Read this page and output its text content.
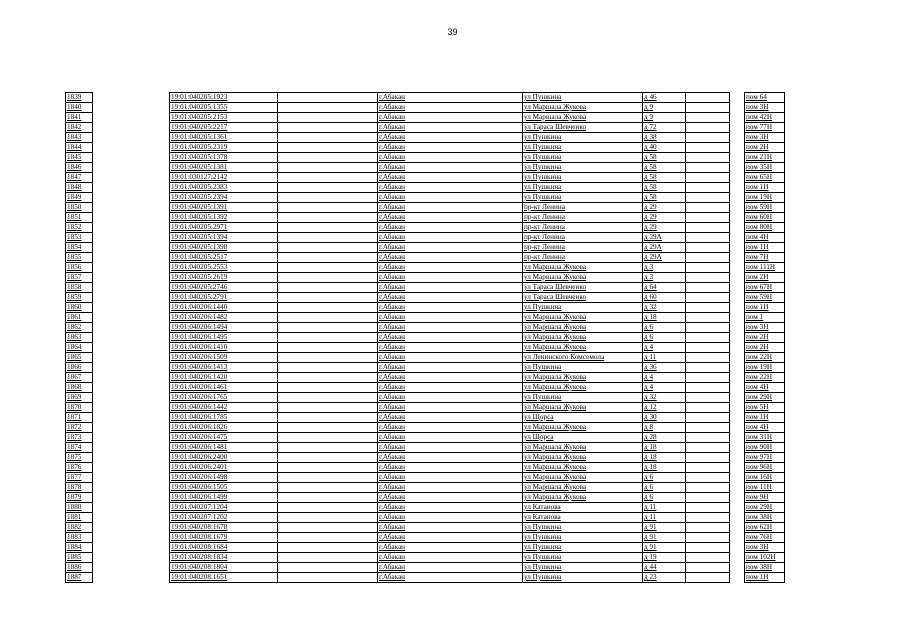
39
1839		19:01:040205:1923		г.Абакан	ул Пушкина	д 46			пом 64
1840		19:01:040205:1355		г.Абакан	ул Маршала Жукова	д 9			пом 3Н
1841		19:01:040205:2153		г.Абакан	ул Маршала Жукова	д 9			пом 42Н
1842		19:01:040205:2217		г.Абакан	ул Тараса Шевченко	д 72			пом 77Н
1843		19:01:040205:1361		г.Абакан	ул Пушкина	д 38			пом 3Н
1844		19:01:040205:2319		г.Абакан	ул Пушкина	д 40			пом 2Н
1845		19:01:040205:1378		г.Абакан	ул Пушкина	д 58			пом 21Н
1846		19:01:040205:1381		г.Абакан	ул Пушкина	д 58			пом 35Н
1847		19:01:030127:2142		г.Абакан	ул Пушкина	д 58			пом 65Н
1848		19:01:040205:2383		г.Абакан	ул Пушкина	д 58			пом 1Н
1849		19:01:040205:2394		г.Абакан	ул Пушкина	д 58			пом 19Н
1850		19:01:040205:1391		г.Абакан	пр-кт Ленина	д 29			пом 59Н
1851		19:01:040205:1392		г.Абакан	пр-кт Ленина	д 29			пом 60Н
1852		19:01:040205:2971		г.Абакан	пр-кт Ленина	д 29			пом 80Н
1853		19:01:040205:1394		г.Абакан	пр-кт Ленина	д 29А			пом 4Н
1854		19:01:040205:1398		г.Абакан	пр-кт Ленина	д 29А			пом 1Н
1855		19:01:040205:2517		г.Абакан	пр-кт Ленина	д 29А			пом 7Н
1856		19:01:040205:2553		г.Абакан	ул Маршала Жукова	д 3			пом 111Н
1857		19:01:040205:2619		г.Абакан	ул Маршала Жукова	д 3			пом 2Н
1858		19:01:040205:2746		г.Абакан	ул Тараса Шевченко	д 64			пом 67Н
1859		19:01:040205:2791		г.Абакан	ул Тараса Шевченко	д 60			пом 59Н
1860		19:01:040206:1440		г.Абакан	ул Пушкина	д 32			пом 1Н
1861		19:01:040206:1482		г.Абакан	ул Маршала Жукова	д 18			пом 1
1862		19:01:040206:1494		г.Абакан	ул Маршала Жукова	д 6			пом 3Н
1863		19:01:040206:1495		г.Абакан	ул Маршала Жукова	д 6			пом 2Н
1864		19:01:040206:1410		г.Абакан	ул Маршала Жукова	д 4			пом 2Н
1865		19:01:040206:1509		г.Абакан	ул Ленинского Комсомола	д 11			пом 22Н
1866		19:01:040206:1413		г.Абакан	ул Пушкина	д 36			пом 19Н
1867		19:01:040206:1420		г.Абакан	ул Маршала Жукова	д 4			пом 22Н
1868		19:01:040206:1461		г.Абакан	ул Маршала Жукова	д 4			пом 4Н
1869		19:01:040206:1765		г.Абакан	ул Пушкина	д 32			пом 29Н
1870		19:01:040206:1442		г.Абакан	ул Маршала Жукова	д 12			пом 5Н
1871		19:01:040206:1785		г.Абакан	ул Щорса	д 30			пом 1Н
1872		19:01:040206:1826		г.Абакан	ул Маршала Жукова	д 8			пом 4Н
1873		19:01:040206:1475		г.Абакан	ул Щорса	д 28			пом 31Н
1874		19:01:040206:1481		г.Абакан	ул Маршала Жукова	д 18			пом 90Н
1875		19:01:040206:2400		г.Абакан	ул Маршала Жукова	д 18			пом 97Н
1876		19:01:040206:2401		г.Абакан	ул Маршала Жукова	д 18			пом 96Н
1877		19:01:040206:1498		г.Абакан	ул Маршала Жукова	д 6			пом 16Н
1878		19:01:040206:1505		г.Абакан	ул Маршала Жукова	д 6			пом 11Н
1879		19:01:040206:1499		г.Абакан	ул Маршала Жукова	д 6			пом 9Н
1880		19:01:040207:1204		г.Абакан	ул Катанова	д 11			пом 29Н
1881		19:01:040207:1202		г.Абакан	ул Катанова	д 11			пом 38Н
1882		19:01:040208:1678		г.Абакан	ул Пушкина	д 91			пом 62Н
1883		19:01:040208:1679		г.Абакан	ул Пушкина	д 91			пом 76Н
1884		19:01:040208:1684		г.Абакан	ул Пушкина	д 91			пом 3Н
1885		19:01:040208:1834		г.Абакан	ул Пушкина	д 19			пом 102Н
1886		19:01:040208:1804		г.Абакан	ул Пушкина	д 44			пом 38Н
1887		19:01:040208:1651		г.Абакан	ул Пушкина	д 23			пом 1Н
